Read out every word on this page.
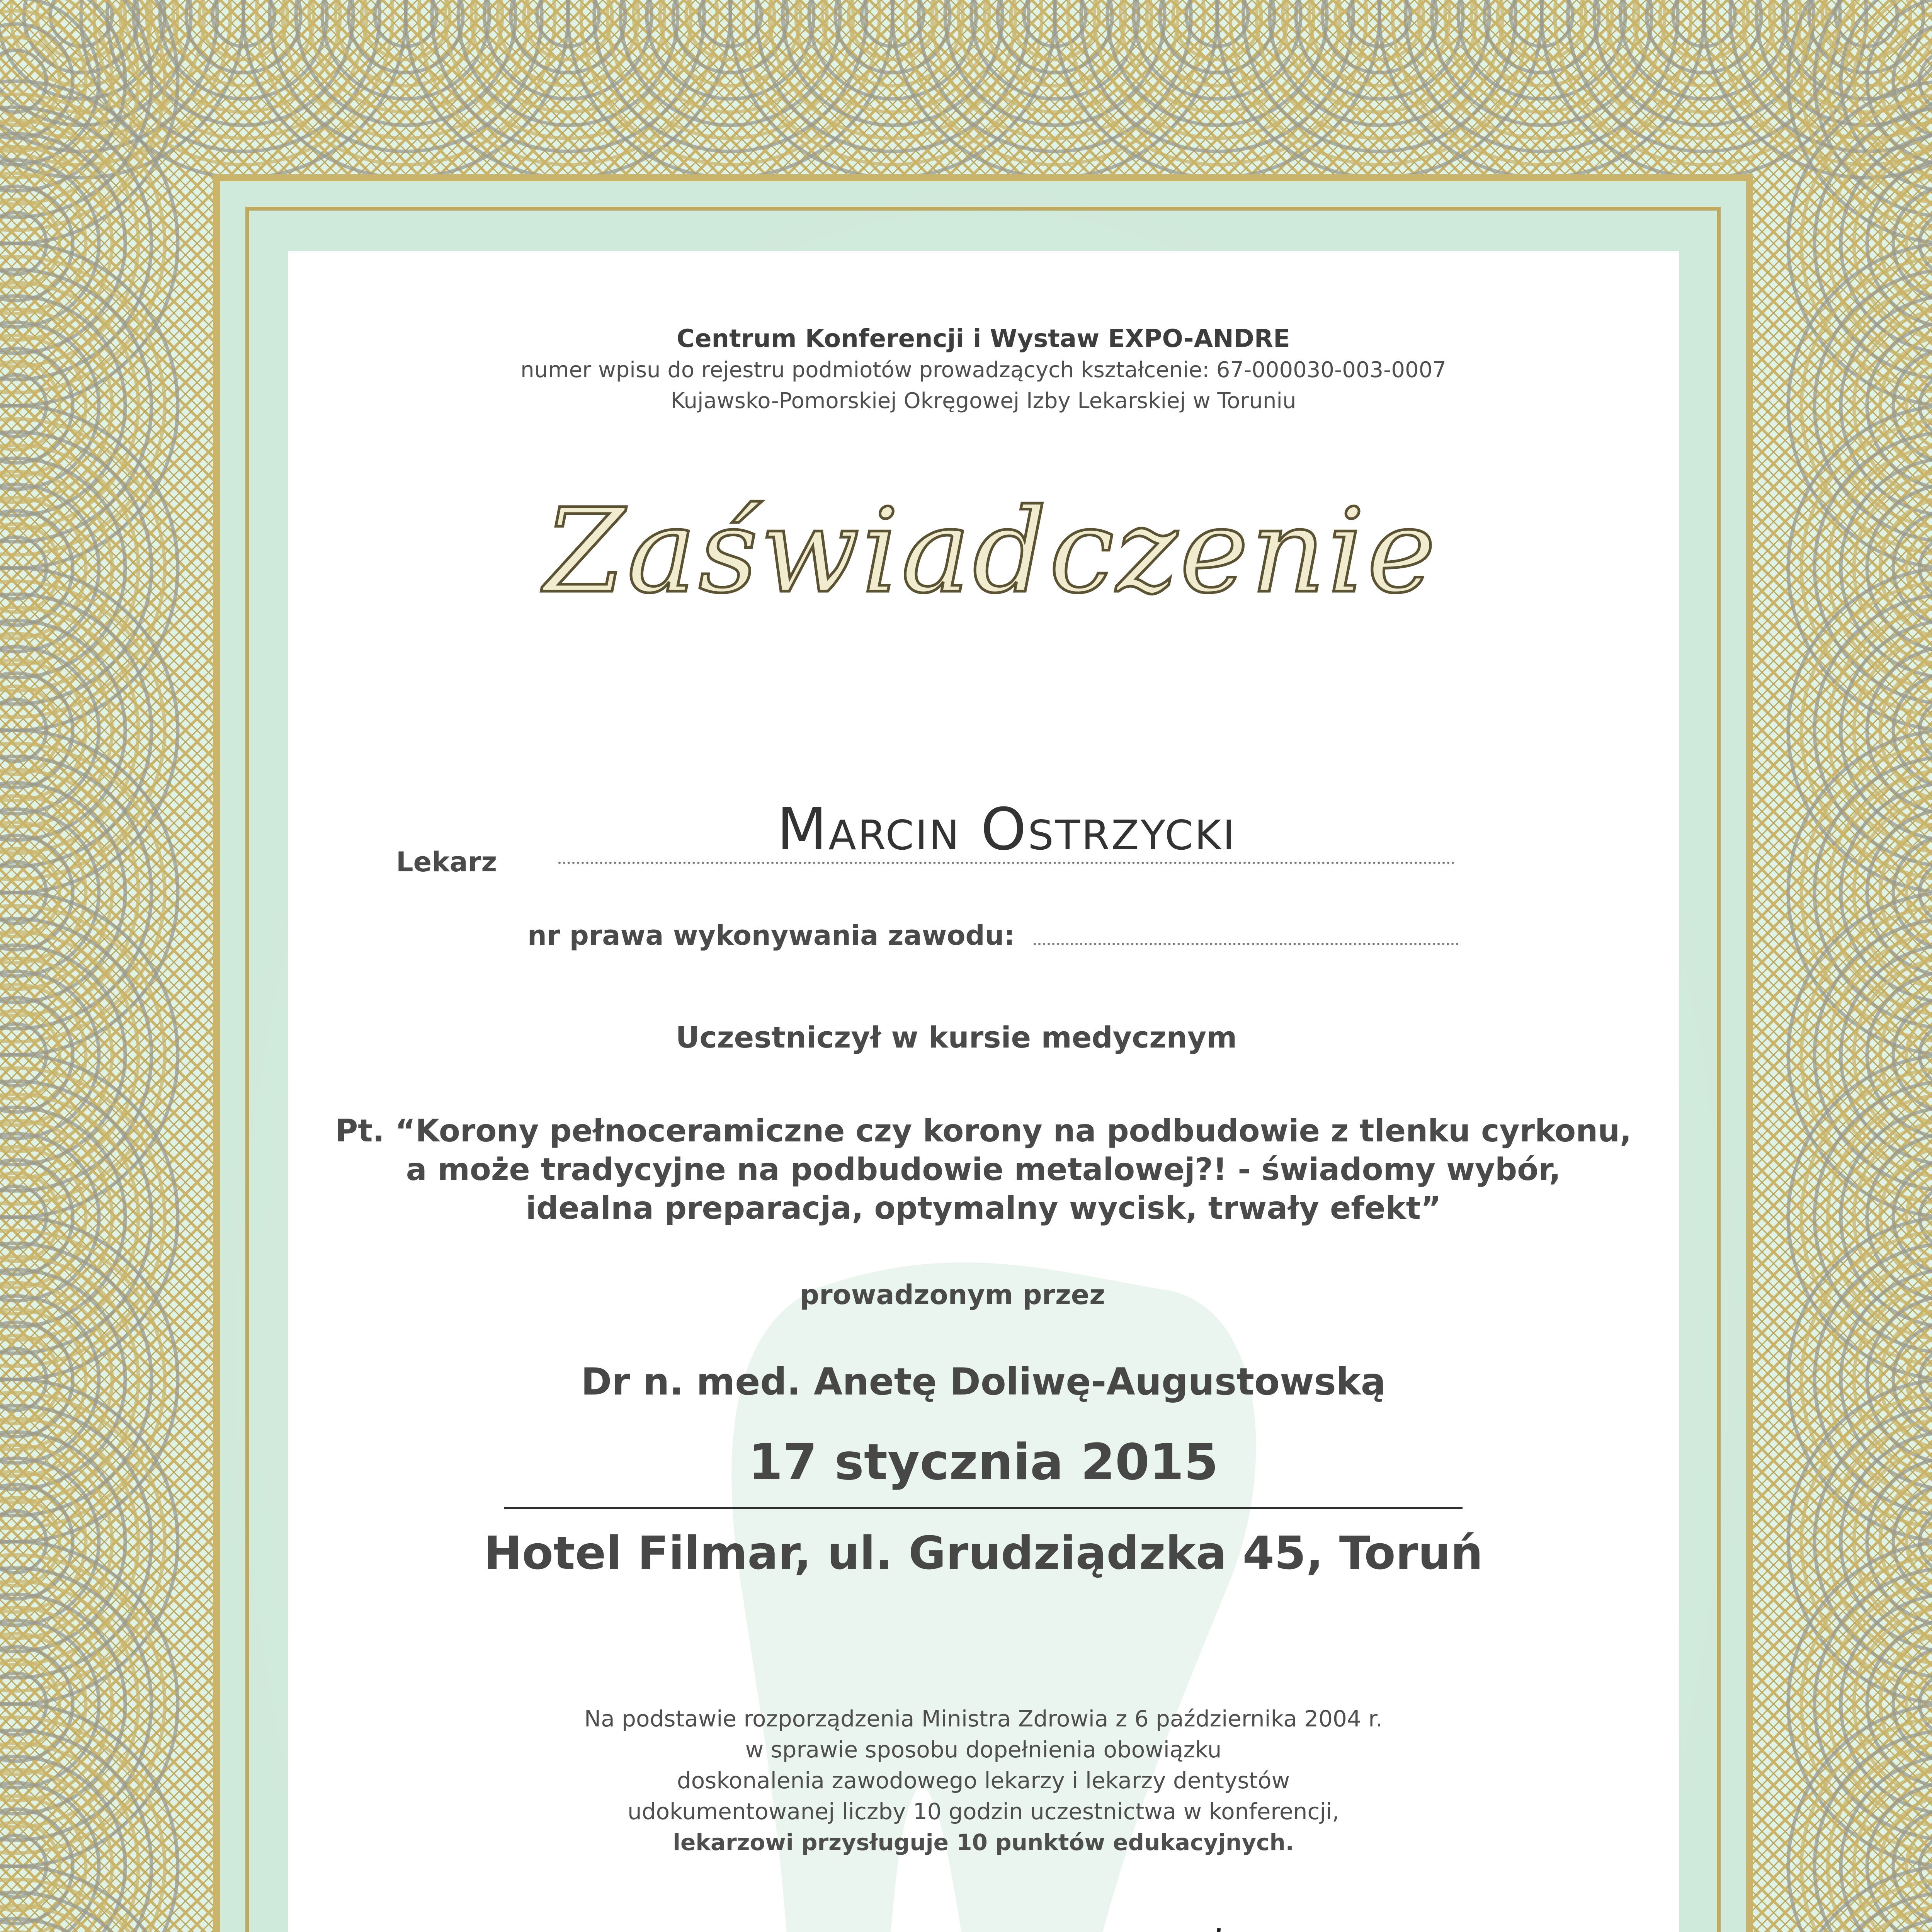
Centrum Konferencji i Wystaw EXPO-ANDRE
numer wpisu do rejestru podmiotów prowadzących kształcenie: 67-000030-003-0007
Kujawsko-Pomorskiej Okręgowej Izby Lekarskiej w Toruniu
Zaświadczenie
Lekarz	Marcin Ostrzycki
nr prawa wykonywania zawodu:
Uczestniczył w kursie medycznym
Pt. “Korony pełnoceramiczne czy korony na podbudowie z tlenku cyrkonu,
a może tradycyjne na podbudowie metalowej?! - świadomy wybór,
idealna preparacja, optymalny wycisk, trwały efekt”
prowadzonym przez
Dr n. med. Anetę Doliwę-Augustowską
17 stycznia 2015
Hotel Filmar, ul. Grudziądzka 45, Toruń
Na podstawie rozporządzenia Ministra Zdrowia z 6 października 2004 r.
w sprawie sposobu dopełnienia obowiązku
doskonalenia zawodowego lekarzy i lekarzy dentystów
udokumentowanej liczby 10 godzin uczestnictwa w konferencji,
lekarzowi przysługuje 10 punktów edukacyjnych.
